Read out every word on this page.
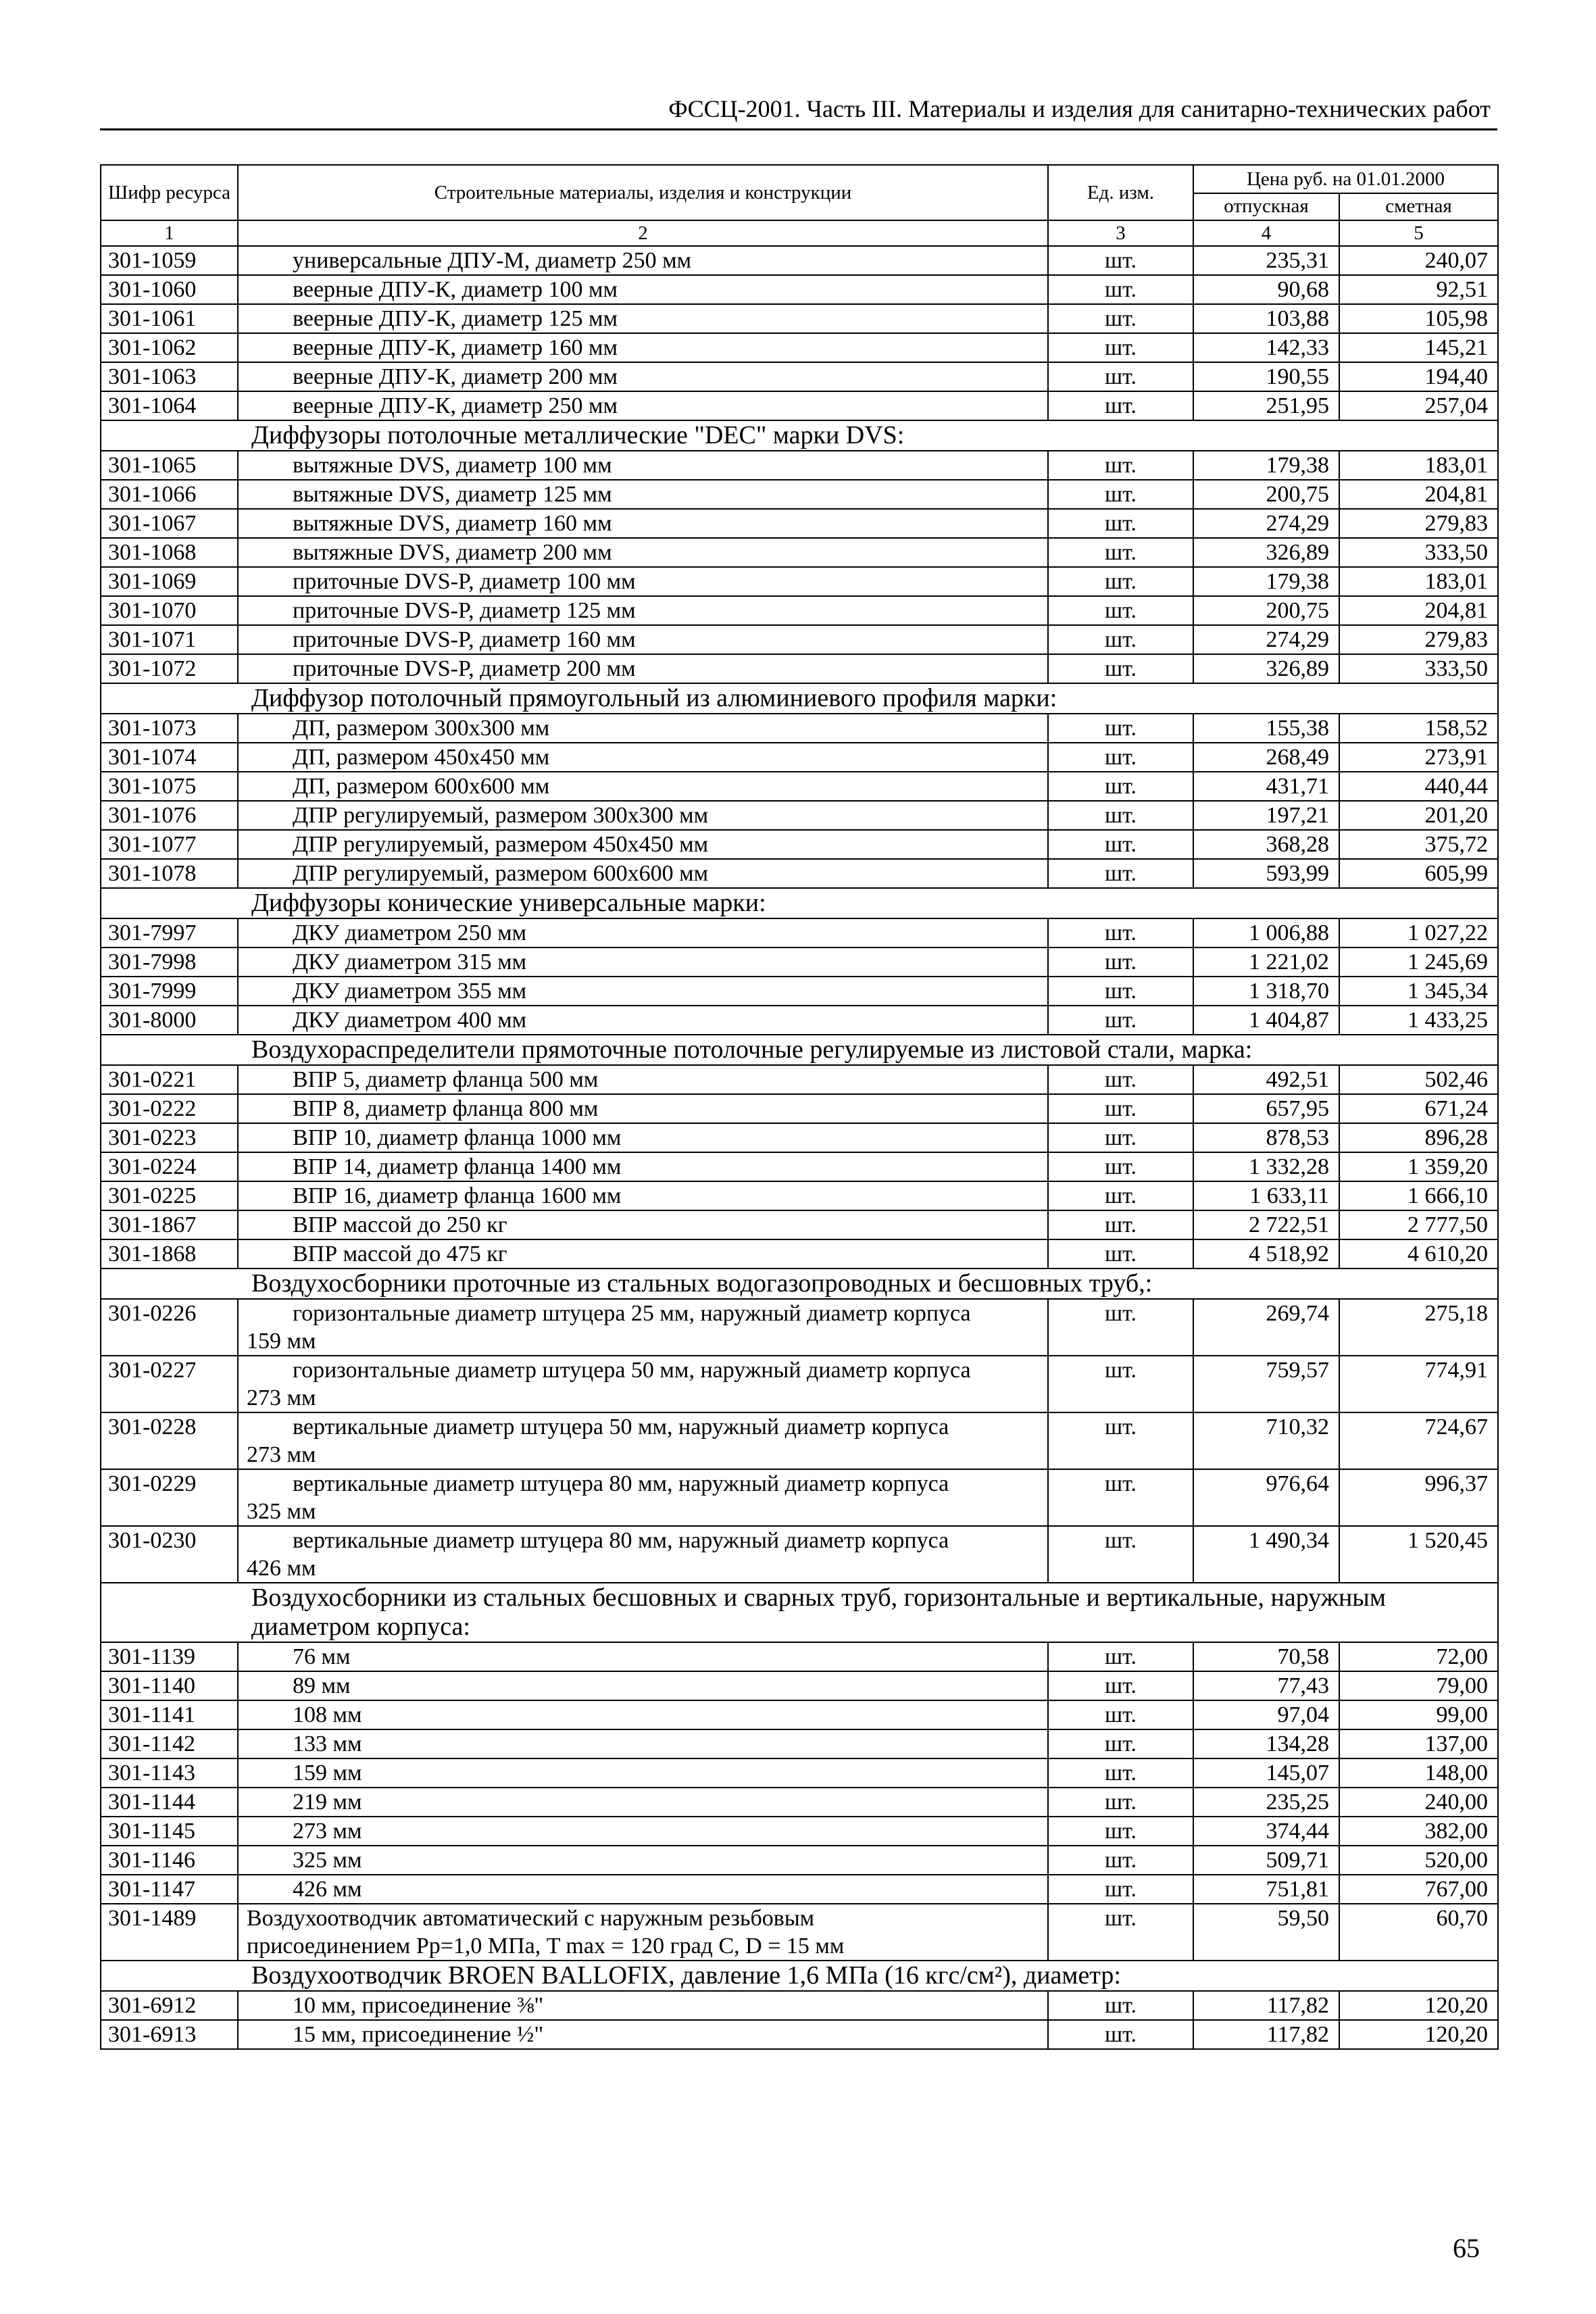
ФССЦ-2001. Часть III. Материалы и изделия для санитарно-технических работ
Шифр ресурса	Строительные материалы, изделия и конструкции	Ед. изм.	Цена руб. на 01.01.2000	
			отпускная	сметная
1	2	3	4	5
301-1059	универсальные ДПУ-М, диаметр 250 мм	шт.	235,31	240,07
301-1060	веерные ДПУ-К, диаметр 100 мм	шт.	90,68	92,51
301-1061	веерные ДПУ-К, диаметр 125 мм	шт.	103,88	105,98
301-1062	веерные ДПУ-К, диаметр 160 мм	шт.	142,33	145,21
301-1063	веерные ДПУ-К, диаметр 200 мм	шт.	190,55	194,40
301-1064	веерные ДПУ-К, диаметр 250 мм	шт.	251,95	257,04
Диффузоры потолочные металлические "DEC" марки DVS:				
301-1065	вытяжные DVS, диаметр 100 мм	шт.	179,38	183,01
301-1066	вытяжные DVS, диаметр 125 мм	шт.	200,75	204,81
301-1067	вытяжные DVS, диаметр 160 мм	шт.	274,29	279,83
301-1068	вытяжные DVS, диаметр 200 мм	шт.	326,89	333,50
301-1069	приточные DVS-P, диаметр 100 мм	шт.	179,38	183,01
301-1070	приточные DVS-P, диаметр 125 мм	шт.	200,75	204,81
301-1071	приточные DVS-P, диаметр 160 мм	шт.	274,29	279,83
301-1072	приточные DVS-P, диаметр 200 мм	шт.	326,89	333,50
Диффузор потолочный прямоугольный из алюминиевого профиля марки:				
301-1073	ДП, размером 300x300 мм	шт.	155,38	158,52
301-1074	ДП, размером 450x450 мм	шт.	268,49	273,91
301-1075	ДП, размером 600x600 мм	шт.	431,71	440,44
301-1076	ДПР регулируемый, размером 300x300 мм	шт.	197,21	201,20
301-1077	ДПР регулируемый, размером 450x450 мм	шт.	368,28	375,72
301-1078	ДПР регулируемый, размером 600x600 мм	шт.	593,99	605,99
Диффузоры конические универсальные марки:				
301-7997	ДКУ диаметром 250 мм	шт.	1 006,88	1 027,22
301-7998	ДКУ диаметром 315 мм	шт.	1 221,02	1 245,69
301-7999	ДКУ диаметром 355 мм	шт.	1 318,70	1 345,34
301-8000	ДКУ диаметром 400 мм	шт.	1 404,87	1 433,25
Воздухораспределители прямоточные потолочные регулируемые из листовой стали, марка:				
301-0221	ВПР 5, диаметр фланца 500 мм	шт.	492,51	502,46
301-0222	ВПР 8, диаметр фланца 800 мм	шт.	657,95	671,24
301-0223	ВПР 10, диаметр фланца 1000 мм	шт.	878,53	896,28
301-0224	ВПР 14, диаметр фланца 1400 мм	шт.	1 332,28	1 359,20
301-0225	ВПР 16, диаметр фланца 1600 мм	шт.	1 633,11	1 666,10
301-1867	ВПР массой до 250 кг	шт.	2 722,51	2 777,50
301-1868	ВПР массой до 475 кг	шт.	4 518,92	4 610,20
Воздухосборники проточные из стальных водогазопроводных и бесшовных труб,:				
301-0226	горизонтальные диаметр штуцера 25 мм, наружный диаметр корпуса
159 мм	шт.	269,74	275,18
301-0227	горизонтальные диаметр штуцера 50 мм, наружный диаметр корпуса
273 мм	шт.	759,57	774,91
301-0228	вертикальные диаметр штуцера 50 мм, наружный диаметр корпуса
273 мм	шт.	710,32	724,67
301-0229	вертикальные диаметр штуцера 80 мм, наружный диаметр корпуса
325 мм	шт.	976,64	996,37
301-0230	вертикальные диаметр штуцера 80 мм, наружный диаметр корпуса
426 мм	шт.	1 490,34	1 520,45
Воздухосборники из стальных бесшовных и сварных труб, горизонтальные и вертикальные, наружным
диаметром корпуса:				
301-1139	76 мм	шт.	70,58	72,00
301-1140	89 мм	шт.	77,43	79,00
301-1141	108 мм	шт.	97,04	99,00
301-1142	133 мм	шт.	134,28	137,00
301-1143	159 мм	шт.	145,07	148,00
301-1144	219 мм	шт.	235,25	240,00
301-1145	273 мм	шт.	374,44	382,00
301-1146	325 мм	шт.	509,71	520,00
301-1147	426 мм	шт.	751,81	767,00
301-1489	Воздухоотводчик автоматический с наружным резьбовым
присоединением Рр=1,0 МПа, T max = 120 град С, D = 15 мм	шт.	59,50	60,70
Воздухоотводчик BROEN BALLOFIX, давление 1,6 МПа (16 кгс/см²), диаметр:				
301-6912	10 мм, присоединение ⅜"	шт.	117,82	120,20
301-6913	15 мм, присоединение ½"	шт.	117,82	120,20
65
